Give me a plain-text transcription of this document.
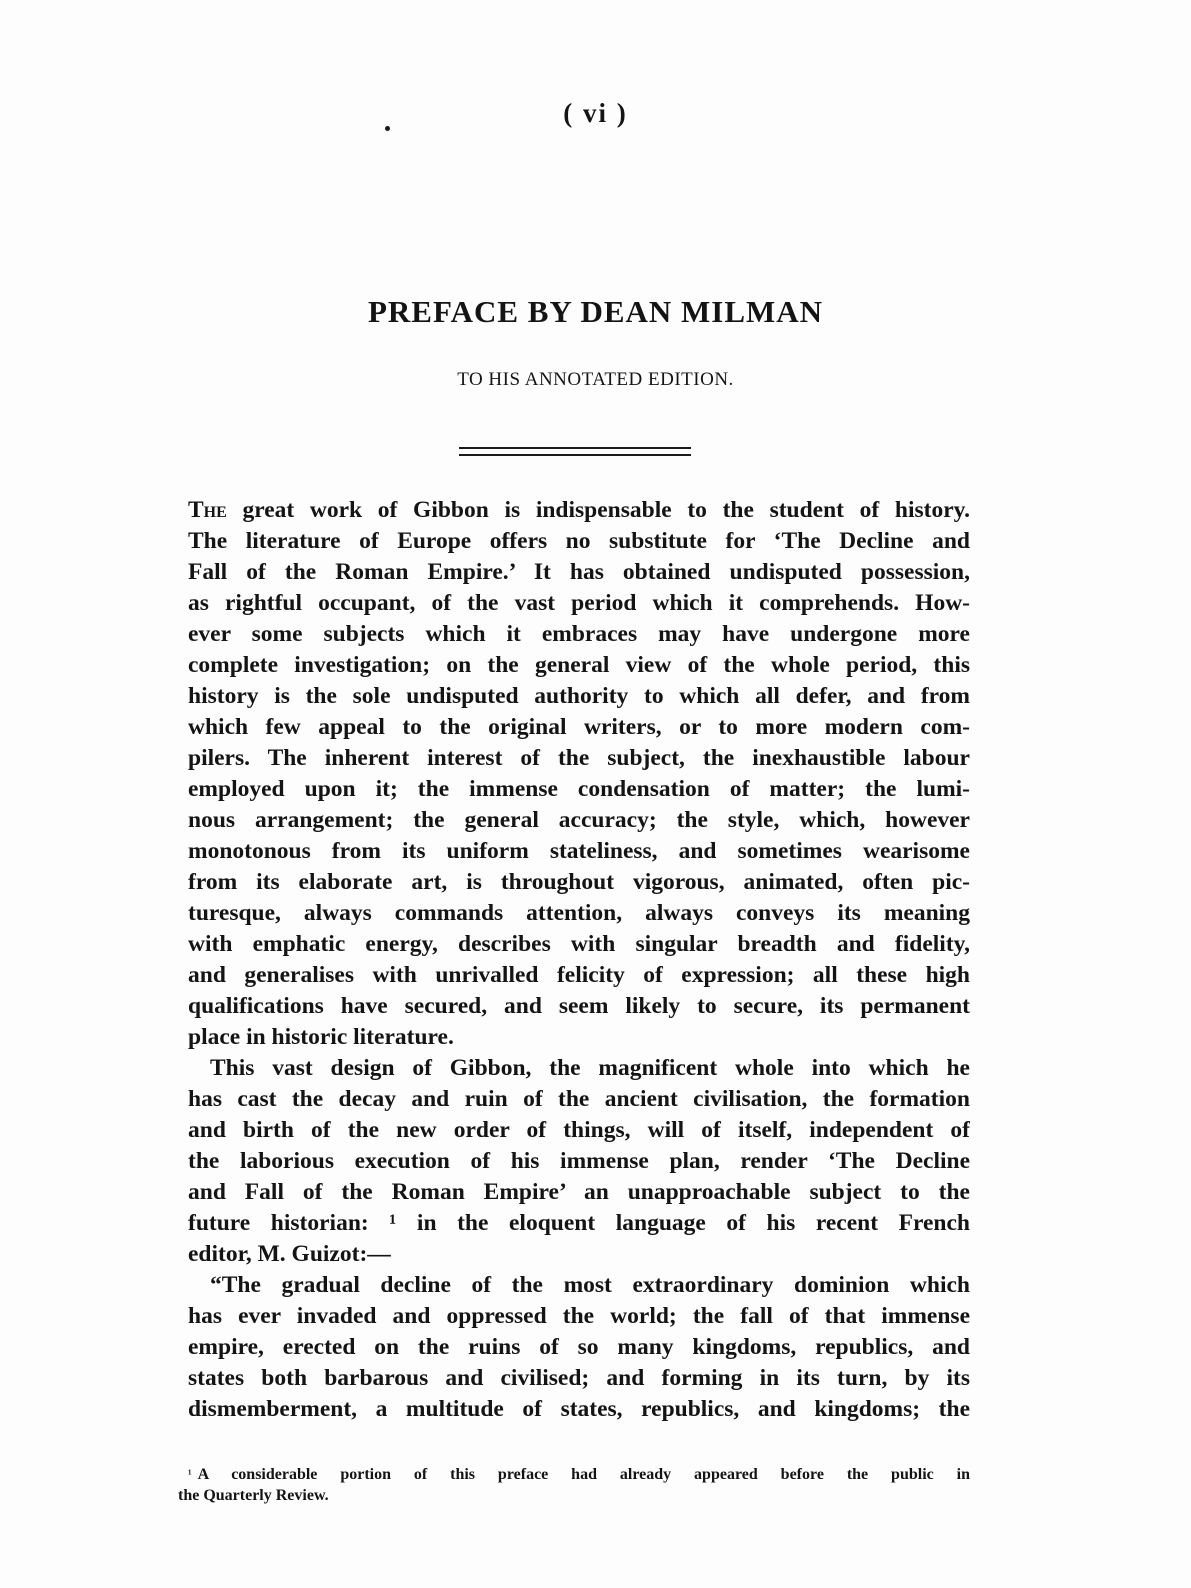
( vi )
PREFACE BY DEAN MILMAN
TO HIS ANNOTATED EDITION.
The great work of Gibbon is indispensable to the student of history.
The literature of Europe offers no substitute for ‘The Decline and
Fall of the Roman Empire.’ It has obtained undisputed possession,
as rightful occupant, of the vast period which it comprehends. How-
ever some subjects which it embraces may have undergone more
complete investigation; on the general view of the whole period, this
history is the sole undisputed authority to which all defer, and from
which few appeal to the original writers, or to more modern com-
pilers. The inherent interest of the subject, the inexhaustible labour
employed upon it; the immense condensation of matter; the lumi-
nous arrangement; the general accuracy; the style, which, however
monotonous from its uniform stateliness, and sometimes wearisome
from its elaborate art, is throughout vigorous, animated, often pic-
turesque, always commands attention, always conveys its meaning
with emphatic energy, describes with singular breadth and fidelity,
and generalises with unrivalled felicity of expression; all these high
qualifications have secured, and seem likely to secure, its permanent
place in historic literature.
This vast design of Gibbon, the magnificent whole into which he
has cast the decay and ruin of the ancient civilisation, the formation
and birth of the new order of things, will of itself, independent of
the laborious execution of his immense plan, render ‘The Decline
and Fall of the Roman Empire’ an unapproachable subject to the
future historian: ¹ in the eloquent language of his recent French
editor, M. Guizot:—
“The gradual decline of the most extraordinary dominion which
has ever invaded and oppressed the world; the fall of that immense
empire, erected on the ruins of so many kingdoms, republics, and
states both barbarous and civilised; and forming in its turn, by its
dismemberment, a multitude of states, republics, and kingdoms; the
$^{^1}$ A considerable portion of this preface had already appeared before the public in
the Quarterly Review.
